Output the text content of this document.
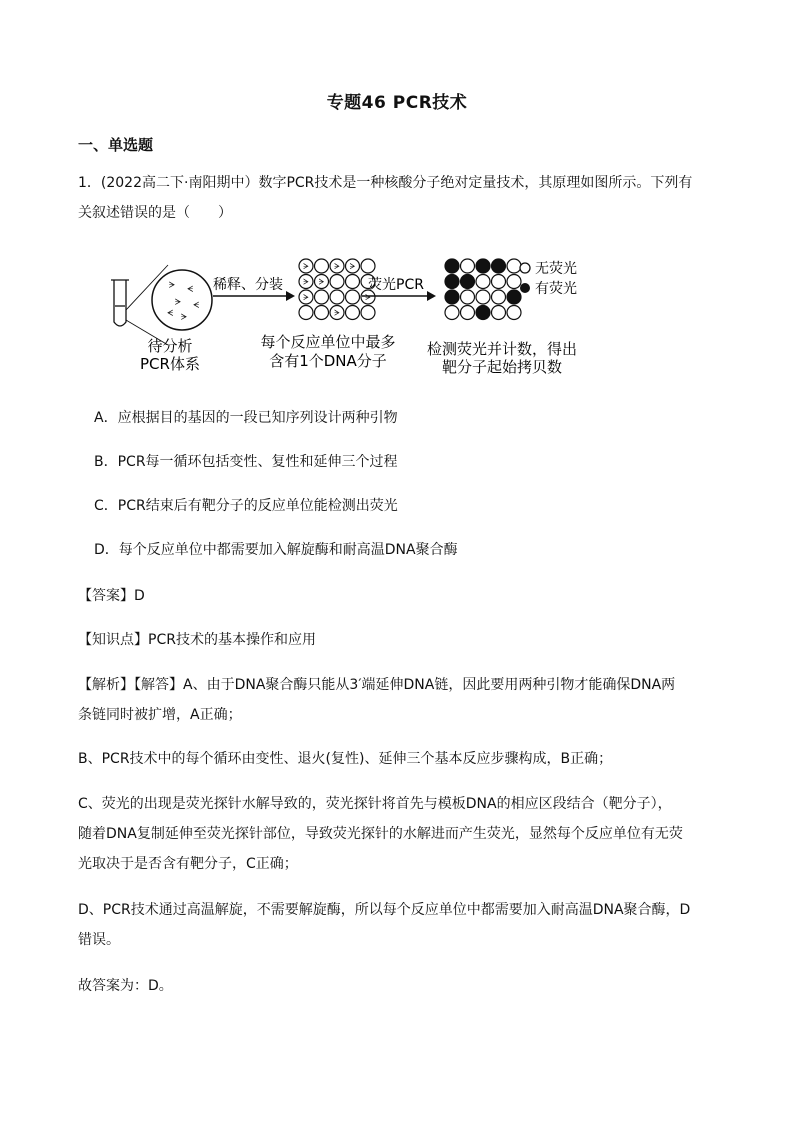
专题46 PCR技术
一、单选题
1．(2022高二下·南阳期中）数字PCR技术是一种核酸分子绝对定量技术，其原理如图所示。下列有
关叙述错误的是（　　）
ᗒ ᗕ
ᗒ ᗕ
ᗒ
ᗕ
待分析
PCR体系
稀释、分装
ᗒ	ᗒ ᗒ
ᗒ ᗒ
ᗒ	ᗒ
ᗒ
每个反应单位中最多
含有1个DNA分子
荧光PCR
检测荧光并计数，得出
靶分子起始拷贝数
无荧光
有荧光
A．应根据目的基因的一段已知序列设计两种引物
B．PCR每一循环包括变性、复性和延伸三个过程
C．PCR结束后有靶分子的反应单位能检测出荧光
D．每个反应单位中都需要加入解旋酶和耐高温DNA聚合酶
【答案】D
【知识点】PCR技术的基本操作和应用
【解析】【解答】A、由于DNA聚合酶只能从3′端延伸DNA链，因此要用两种引物才能确保DNA两
条链同时被扩增，A正确；
B、PCR技术中的每个循环由变性、退火(复性)、延伸三个基本反应步骤构成，B正确；
C、荧光的出现是荧光探针水解导致的，荧光探针将首先与模板DNA的相应区段结合（靶分子），
随着DNA复制延伸至荧光探针部位，导致荧光探针的水解进而产生荧光，显然每个反应单位有无荧
光取决于是否含有靶分子，C正确；
D、PCR技术通过高温解旋，不需要解旋酶，所以每个反应单位中都需要加入耐高温DNA聚合酶，D
错误。
故答案为：D。
